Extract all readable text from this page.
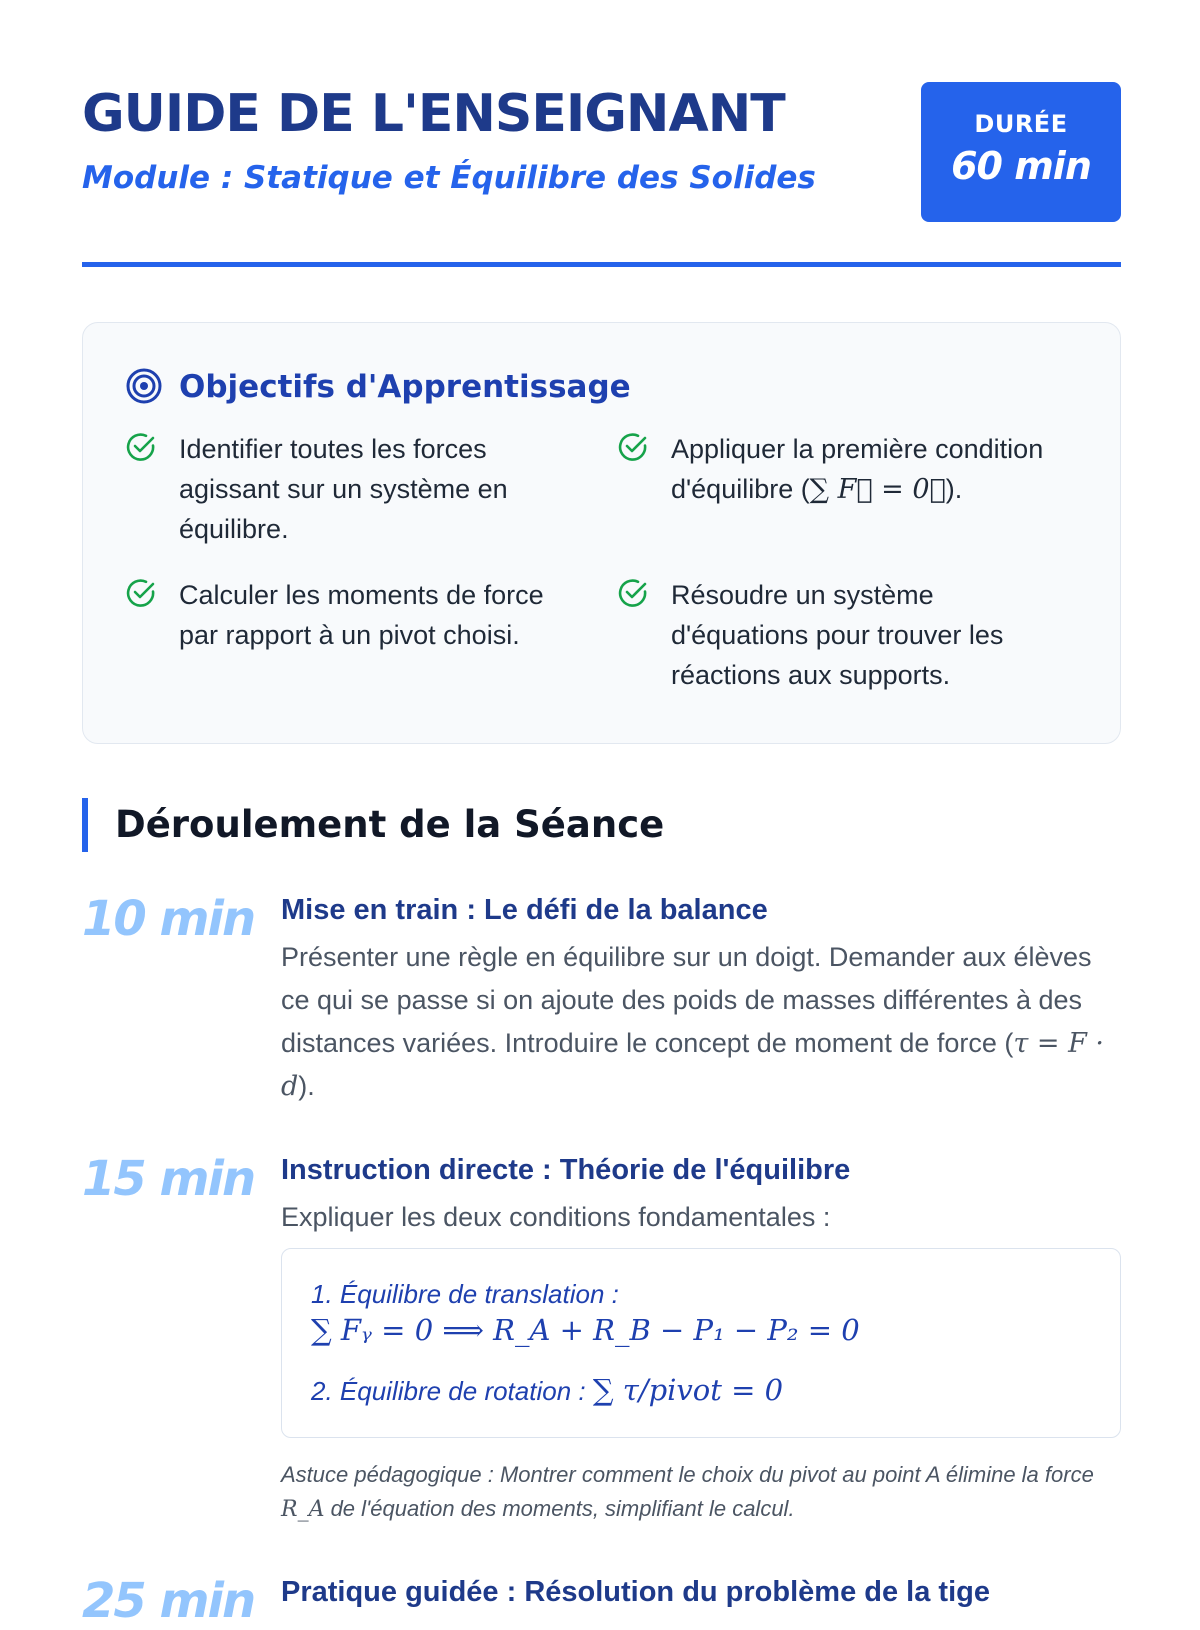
GUIDE DE L'ENSEIGNANT
Module : Statique et Équilibre des Solides
DURÉE
60 min
Objectifs d'Apprentissage
Identifier toutes les forces agissant sur un système en équilibre.
Appliquer la première condition d'équilibre (∑ F⃗ = 0⃗).
Calculer les moments de force par rapport à un pivot choisi.
Résoudre un système d'équations pour trouver les réactions aux supports.
Déroulement de la Séance
10 min Mise en train : Le défi de la balance

Présenter une règle en équilibre sur un doigt. Demander aux élèves ce qui se passe si on ajoute des poids de masses différentes à des distances variées. Introduire le concept de moment de force (τ = F · d).

15 min Instruction directe : Théorie de l'équilibre

Expliquer les deux conditions fondamentales :

1. Équilibre de translation :
∑ Fᵧ = 0 ⟹ R_A + R_B − P₁ − P₂ = 0
2. Équilibre de rotation : ∑ τ/pivot = 0
Astuce pédagogique : Montrer comment le choix du pivot au point A élimine la force R_A de l'équation des moments, simplifiant le calcul.
25 min Pratique guidée : Résolution du problème de la tige
